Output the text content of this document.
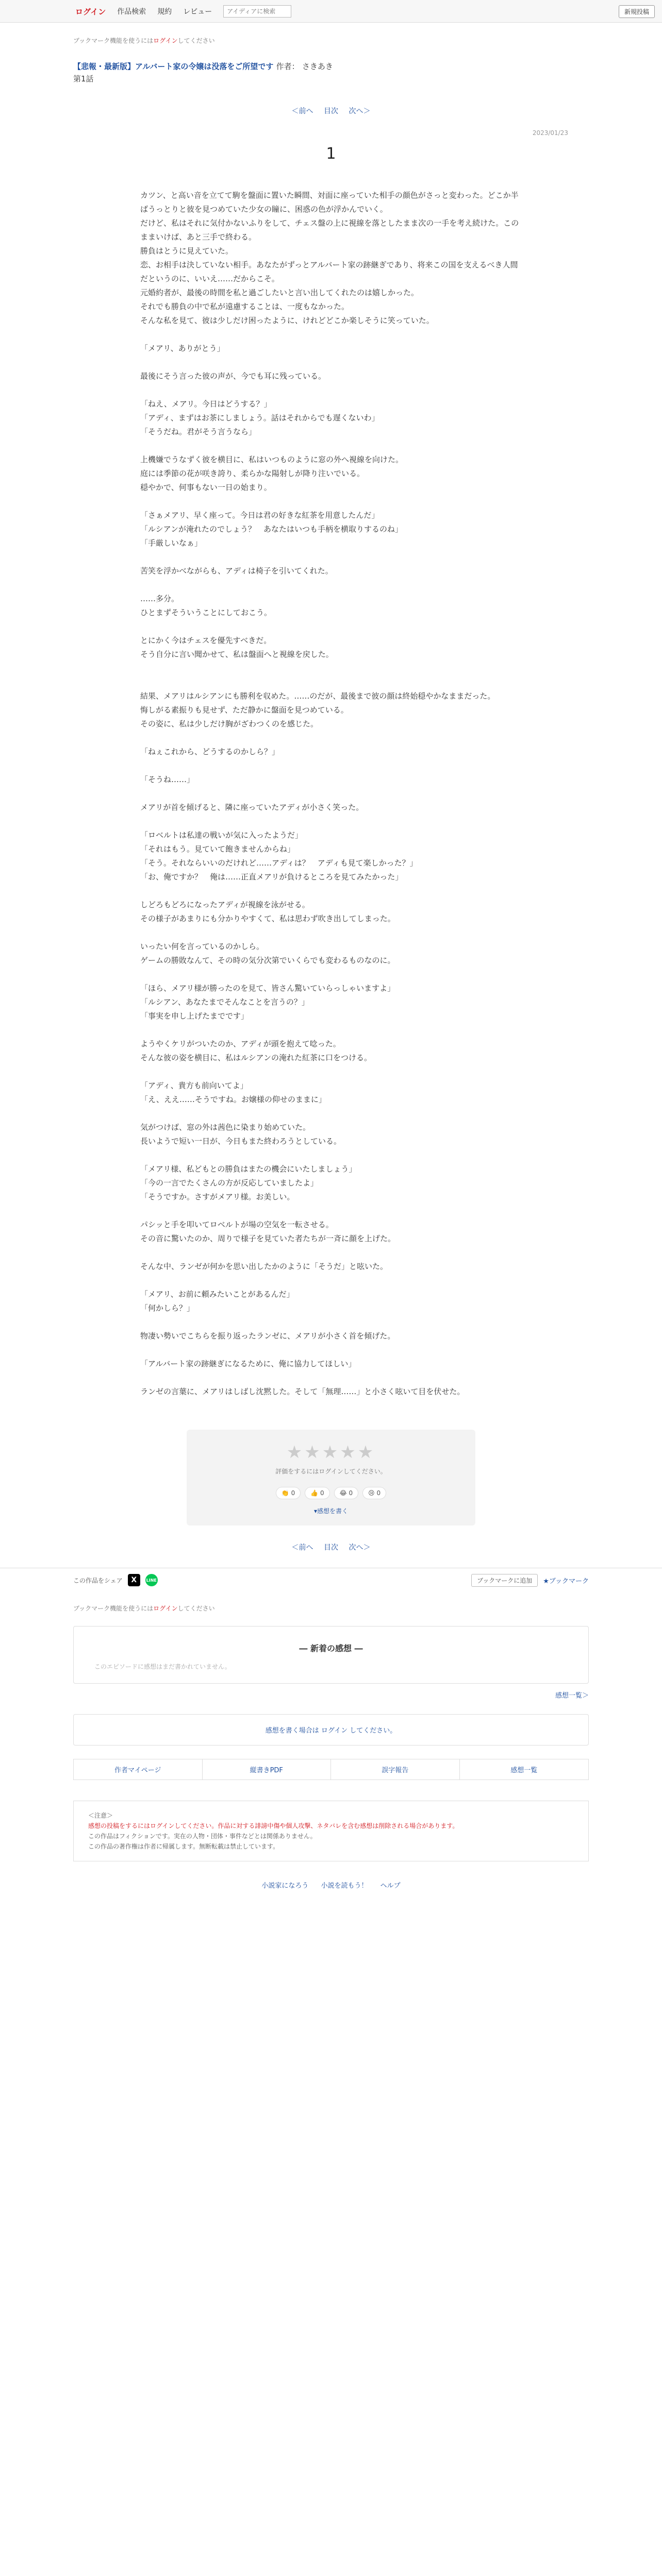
ログイン 作品検索 規約 レビュー
アイディアに検索	新規投稿
ブックマーク機能を使うにはログインしてください
【悲報・最新版】アルバート家の令嬢は没落をご所望です 作者： さきあき
第1話
＜前へ 目次 次へ＞
2023/01/23
1

カツン、と高い音を立てて駒を盤面に置いた瞬間、対面に座っていた相手の顔色がさっと変わった。どこか半ばうっとりと彼を見つめていた少女の瞳に、困惑の色が浮かんでいく。

だけど、私はそれに気付かないふりをして、チェス盤の上に視線を落としたまま次の一手を考え続けた。このままいけば、あと三手で終わる。

勝負はとうに見えていた。

恋、お相手は決していない相手。あなたがずっとアルバート家の跡継ぎであり、将来この国を支えるべき人間だというのに、いいえ……だからこそ。

元婚約者が、最後の時間を私と過ごしたいと言い出してくれたのは嬉しかった。

それでも勝負の中で私が遠慮することは、一度もなかった。

そんな私を見て、彼は少しだけ困ったように、けれどどこか楽しそうに笑っていた。

「メアリ、ありがとう」

最後にそう言った彼の声が、今でも耳に残っている。

「ねえ、メアリ。今日はどうする？」

「アディ、まずはお茶にしましょう。話はそれからでも遅くないわ」

「そうだね。君がそう言うなら」

上機嫌でうなずく彼を横目に、私はいつものように窓の外へ視線を向けた。

庭には季節の花が咲き誇り、柔らかな陽射しが降り注いでいる。

穏やかで、何事もない一日の始まり。

「さぁメアリ、早く座って。今日は君の好きな紅茶を用意したんだ」

「ルシアンが淹れたのでしょう？　あなたはいつも手柄を横取りするのね」

「手厳しいなぁ」

苦笑を浮かべながらも、アディは椅子を引いてくれた。

……多分。

ひとまずそういうことにしておこう。

とにかく今はチェスを優先すべきだ。

そう自分に言い聞かせて、私は盤面へと視線を戻した。

結果、メアリはルシアンにも勝利を収めた。……のだが、最後まで彼の顔は終始穏やかなままだった。

悔しがる素振りも見せず、ただ静かに盤面を見つめている。

その姿に、私は少しだけ胸がざわつくのを感じた。

「ねぇこれから、どうするのかしら？」

「そうね……」

メアリが首を傾げると、隣に座っていたアディが小さく笑った。

「ロベルトは私達の戦いが気に入ったようだ」

「それはもう。見ていて飽きませんからね」

「そう。それならいいのだけれど……アディは？　アディも見て楽しかった？」

「お、俺ですか？　俺は……正直メアリが負けるところを見てみたかった」

しどろもどろになったアディが視線を泳がせる。

その様子があまりにも分かりやすくて、私は思わず吹き出してしまった。

いったい何を言っているのかしら。

ゲームの勝敗なんて、その時の気分次第でいくらでも変わるものなのに。

「ほら、メアリ様が勝ったのを見て、皆さん驚いていらっしゃいますよ」

「ルシアン、あなたまでそんなことを言うの？」

「事実を申し上げたまでです」

ようやくケリがついたのか、アディが頭を抱えて唸った。

そんな彼の姿を横目に、私はルシアンの淹れた紅茶に口をつける。

「アディ、貴方も前向いてよ」

「え、ええ……そうですね。お嬢様の仰せのままに」

気がつけば、窓の外は茜色に染まり始めていた。

長いようで短い一日が、今日もまた終わろうとしている。

「メアリ様、私どもとの勝負はまたの機会にいたしましょう」

「今の一言でたくさんの方が反応していましたよ」

「そうですか。さすがメアリ様。お美しい。

パシッと手を叩いてロベルトが場の空気を一転させる。

その音に驚いたのか、周りで様子を見ていた者たちが一斉に顔を上げた。

そんな中、ランゼが何かを思い出したかのように「そうだ」と呟いた。

「メアリ、お前に頼みたいことがあるんだ」

「何かしら？」

物凄い勢いでこちらを振り返ったランゼに、メアリが小さく首を傾げた。

「アルバート家の跡継ぎになるために、俺に協力してほしい」

ランゼの言葉に、メアリはしばし沈黙した。そして「無理……」と小さく呟いて目を伏せた。

★★★★★
評価をするにはログインしてください。
👏 0	👍 0	😂 0	😢 0
▾感想を書く
＜前へ 目次 次へ＞
この作品をシェア	X	LINE	ブックマークに追加	★ブックマーク
ブックマーク機能を使うにはログインしてください
― 新着の感想 ―
このエピソードに感想はまだ書かれていません。
感想一覧＞
感想を書く場合は ログイン してください。
作者マイページ	縦書きPDF	誤字報告	感想一覧
＜注意＞
感想の投稿をするにはログインしてください。作品に対する誹謗中傷や個人攻撃、ネタバレを含む感想は削除される場合があります。
この作品はフィクションです。実在の人物・団体・事件などとは関係ありません。
この作品の著作権は作者に帰属します。無断転載は禁止しています。
小説家になろう 小説を読もう！ ヘルプ
